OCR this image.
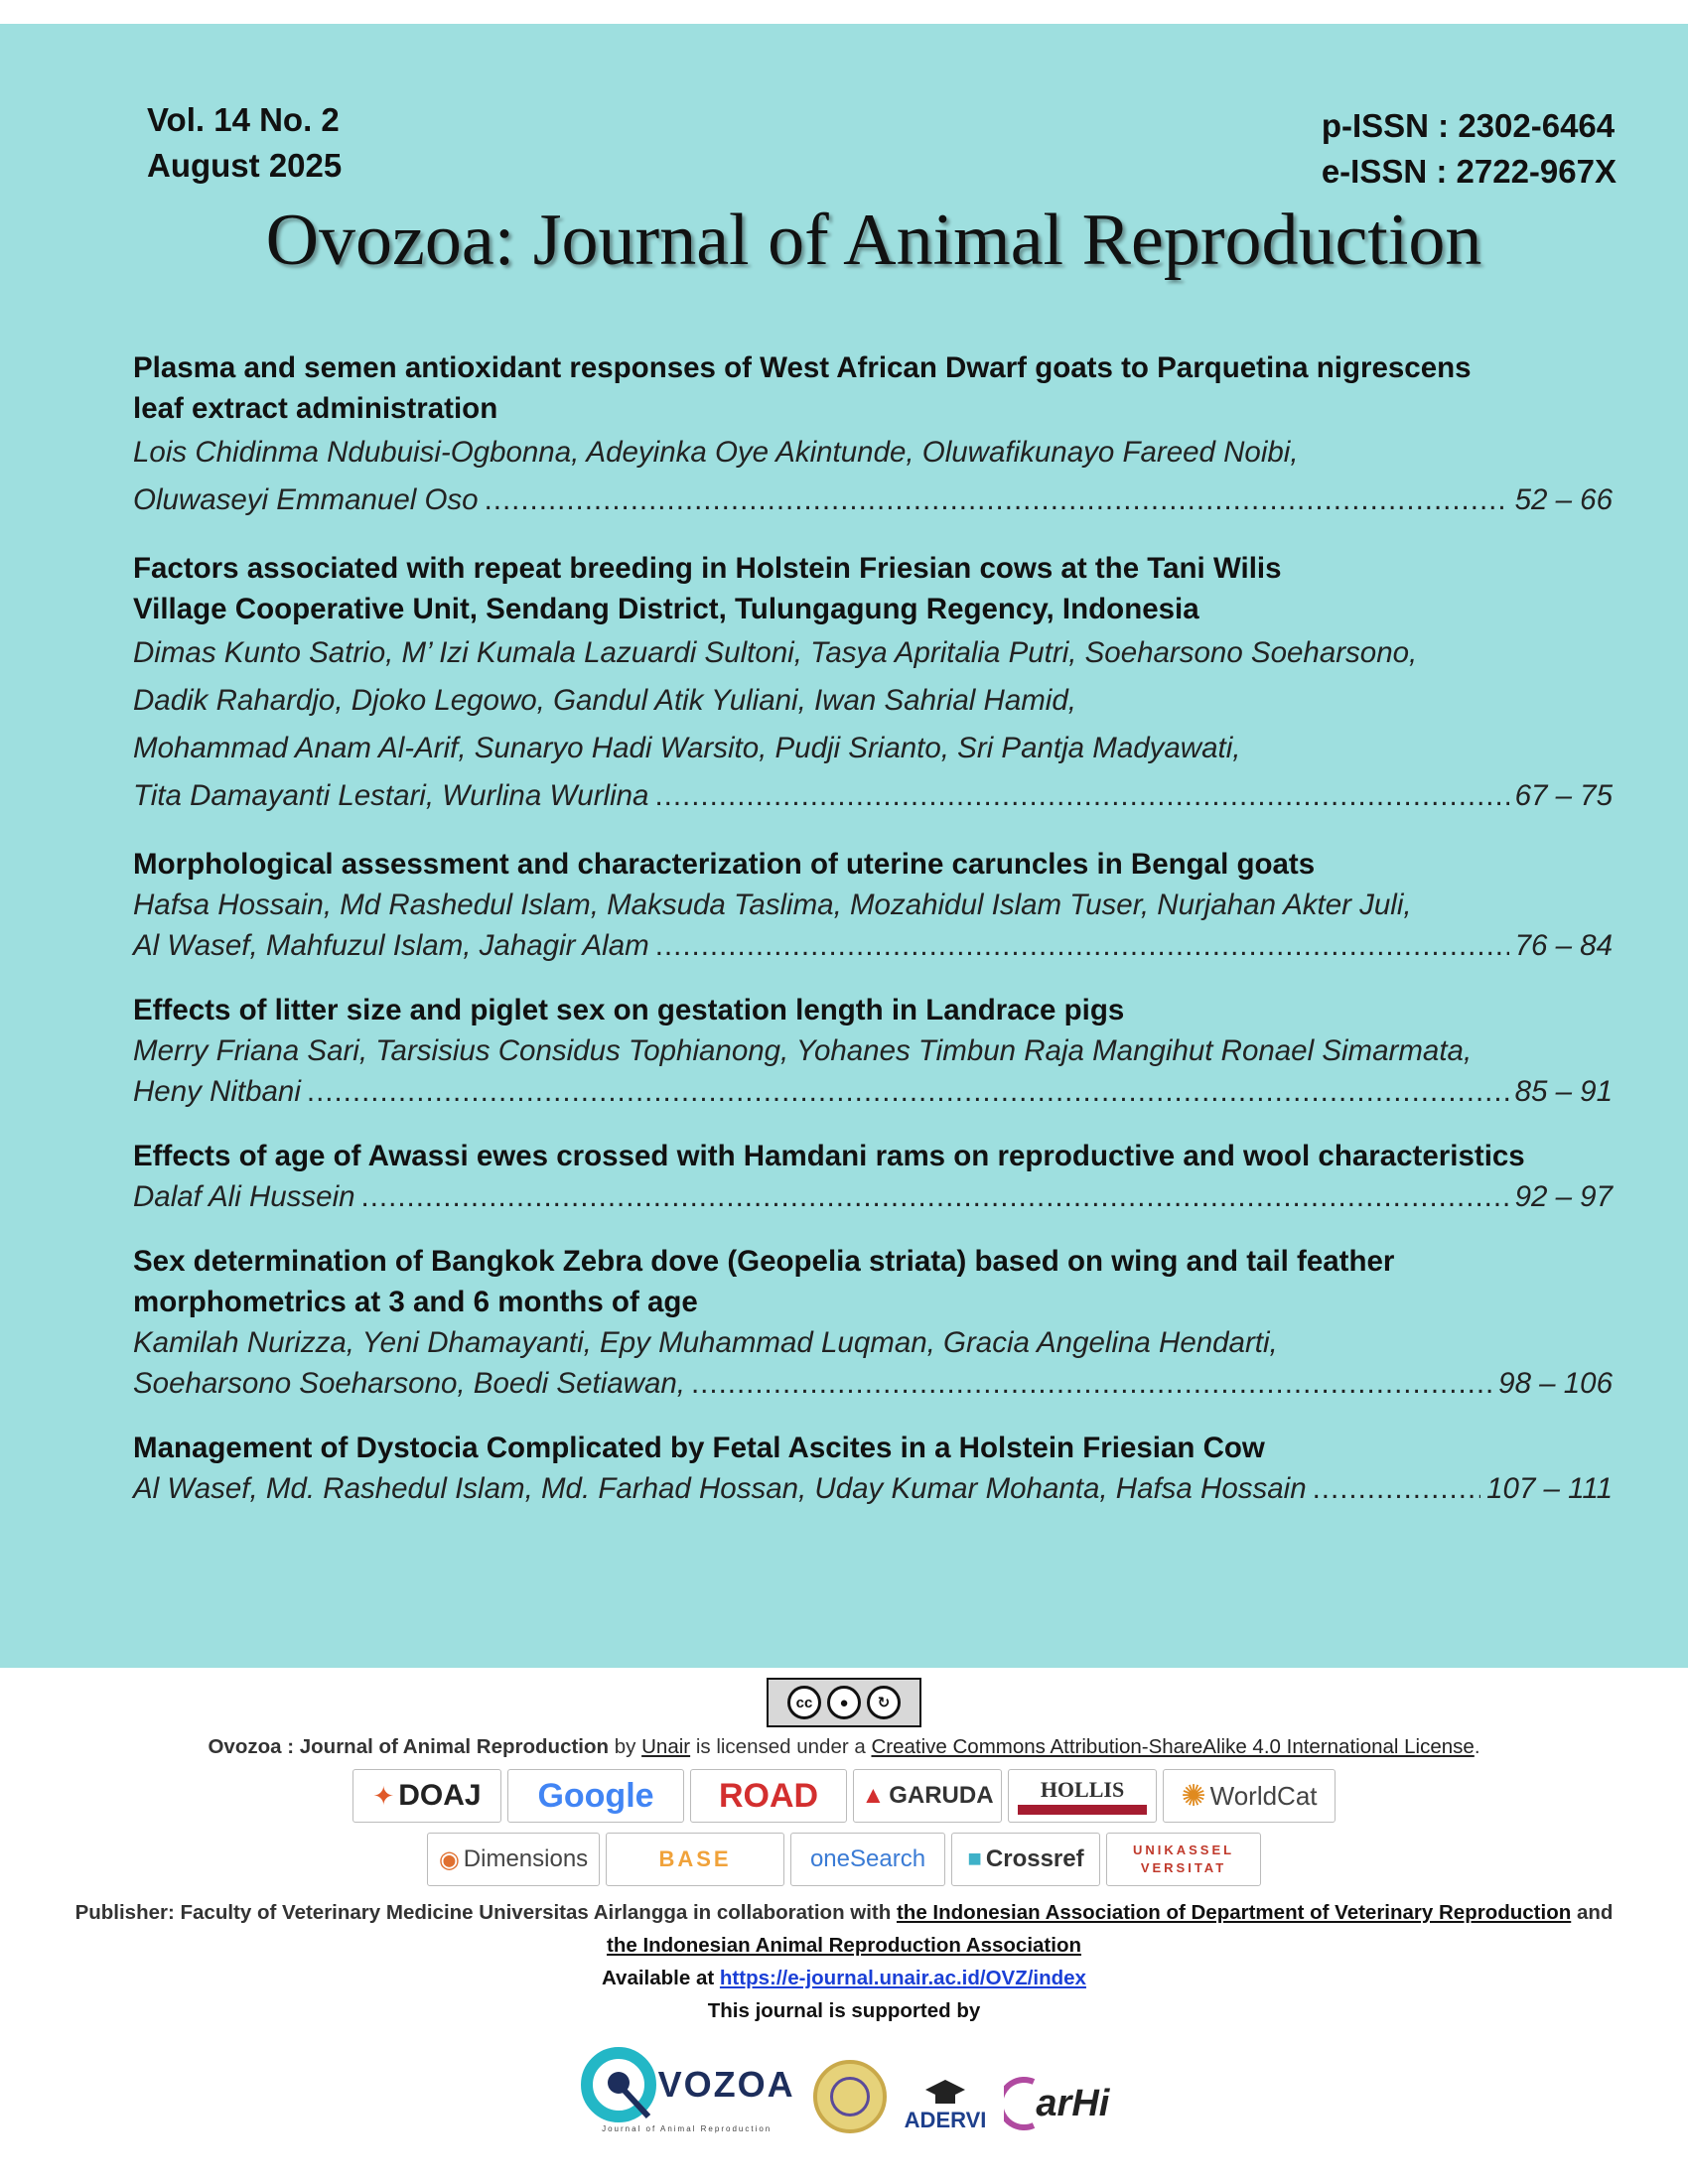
Vol. 14 No. 2
August 2025
p-ISSN : 2302-6464
e-ISSN : 2722-967X
Ovozoa: Journal of Animal Reproduction
Plasma and semen antioxidant responses of West African Dwarf goats to Parquetina nigrescens
leaf extract administration
Lois Chidinma Ndubuisi-Ogbonna, Adeyinka Oye Akintunde, Oluwafikunayo Fareed Noibi,
Oluwaseyi Emmanuel Oso .....	52 – 66
Factors associated with repeat breeding in Holstein Friesian cows at the Tani Wilis
Village Cooperative Unit, Sendang District, Tulungagung Regency, Indonesia
Dimas Kunto Satrio, M’ Izi Kumala Lazuardi Sultoni, Tasya Apritalia Putri, Soeharsono Soeharsono,
Dadik Rahardjo, Djoko Legowo, Gandul Atik Yuliani, Iwan Sahrial Hamid,
Mohammad Anam Al-Arif, Sunaryo Hadi Warsito, Pudji Srianto, Sri Pantja Madyawati,
Tita Damayanti Lestari, Wurlina Wurlina .....	67 – 75
Morphological assessment and characterization of uterine caruncles in Bengal goats
Hafsa Hossain, Md Rashedul Islam, Maksuda Taslima, Mozahidul Islam Tuser, Nurjahan Akter Juli,
Al Wasef, Mahfuzul Islam, Jahagir Alam .....	76 – 84
Effects of litter size and piglet sex on gestation length in Landrace pigs
Merry Friana Sari, Tarsisius Considus Tophianong, Yohanes Timbun Raja Mangihut Ronael Simarmata,
Heny Nitbani .....	85 – 91
Effects of age of Awassi ewes crossed with Hamdani rams on reproductive and wool characteristics
Dalaf Ali Hussein .....	92 – 97
Sex determination of Bangkok Zebra dove (Geopelia striata) based on wing and tail feather
morphometrics at 3 and 6 months of age
Kamilah Nurizza, Yeni Dhamayanti, Epy Muhammad Luqman, Gracia Angelina Hendarti,
Soeharsono Soeharsono, Boedi Setiawan, .....	98 – 106
Management of Dystocia Complicated by Fetal Ascites in a Holstein Friesian Cow
Al Wasef, Md. Rashedul Islam, Md. Farhad Hossan, Uday Kumar Mohanta, Hafsa Hossain .....	107 – 111
cc	●	↻
Ovozoa : Journal of Animal Reproduction by Unair is licensed under a Creative Commons Attribution-ShareAlike 4.0 International License.
✦ DOAJ Google ROAD ▲ GARUDA HOLLIS ✺ WorldCat
◉ Dimensions	BASE	oneSearch ■ Crossref	UNIKASSEL VERSITAT
Publisher: Faculty of Veterinary Medicine Universitas Airlangga in collaboration with the Indonesian Association of Department of Veterinary Reproduction and
the Indonesian Animal Reproduction Association
Available at https://e-journal.unair.ac.id/OVZ/index
This journal is supported by
VOZOA
Journal of Animal Reproduction	ADERVI arHi
